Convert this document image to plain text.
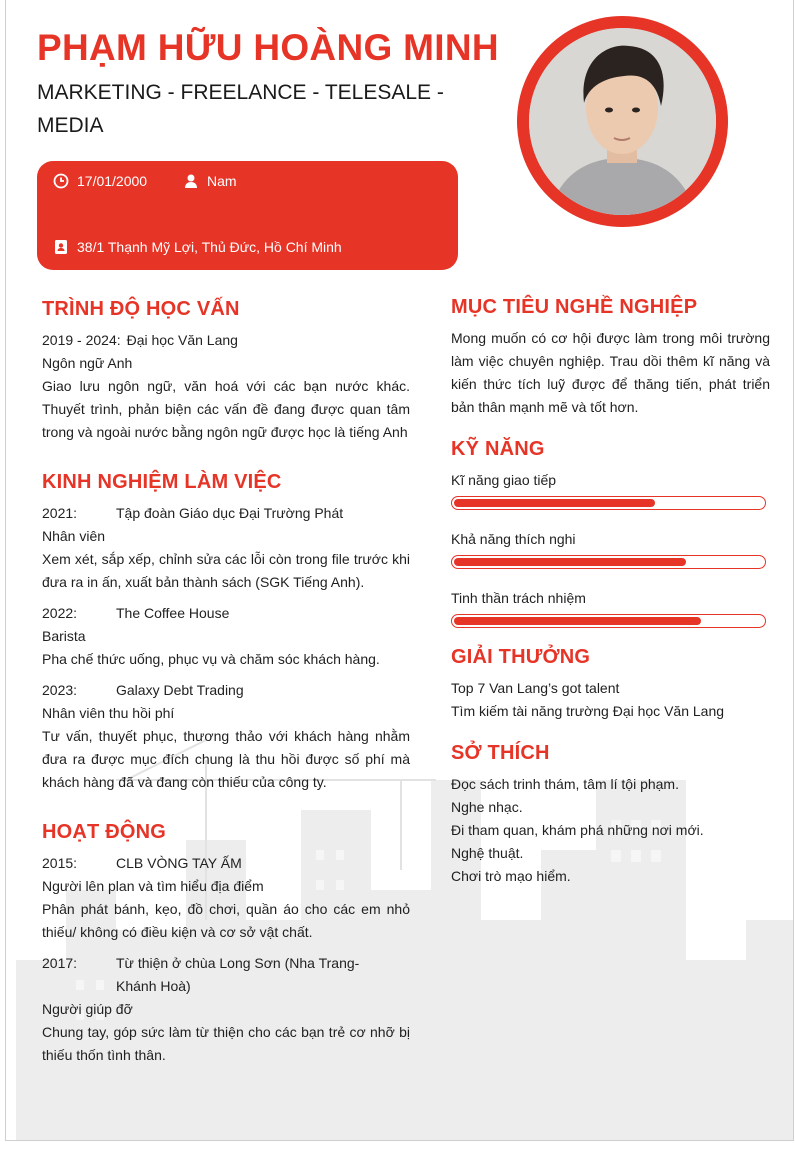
PHẠM HỮU HOÀNG MINH
MARKETING - FREELANCE - TELESALE - MEDIA
17/01/2000	Nam
38/1 Thạnh Mỹ Lợi, Thủ Đức, Hồ Chí Minh
TRÌNH ĐỘ HỌC VẤN
2019 - 2024: Đại học Văn Lang
Ngôn ngữ Anh
Giao lưu ngôn ngữ, văn hoá với các bạn nước khác. Thuyết trình, phản biện các vấn đề đang được quan tâm trong và ngoài nước bằng ngôn ngữ được học là tiếng Anh
KINH NGHIỆM LÀM VIỆC
2021:	Tập đoàn Giáo dục Đại Trường Phát
Nhân viên
Xem xét, sắp xếp, chỉnh sửa các lỗi còn trong file trước khi đưa ra in ấn, xuất bản thành sách (SGK Tiếng Anh).
2022:	The Coffee House
Barista
Pha chế thức uống, phục vụ và chăm sóc khách hàng.
2023:	Galaxy Debt Trading
Nhân viên thu hồi phí
Tư vấn, thuyết phục, thương thảo với khách hàng nhằm đưa ra được mục đích chung là thu hồi được số phí mà khách hàng đã và đang còn thiếu của công ty.
HOẠT ĐỘNG
2015:	CLB VÒNG TAY ẤM
Người lên plan và tìm hiểu địa điểm
Phân phát bánh, kẹo, đồ chơi, quần áo cho các em nhỏ thiếu/ không có điều kiện và cơ sở vật chất.
2017:	Từ thiện ở chùa Long Sơn (Nha Trang- Khánh Hoà)
Người giúp đỡ
Chung tay, góp sức làm từ thiện cho các bạn trẻ cơ nhỡ bị thiếu thốn tình thân.
MỤC TIÊU NGHỀ NGHIỆP
Mong muốn có cơ hội được làm trong môi trường làm việc chuyên nghiệp. Trau dồi thêm kĩ năng và kiến thức tích luỹ được để thăng tiến, phát triển bản thân mạnh mẽ và tốt hơn.
KỸ NĂNG
Kĩ năng giao tiếp
Khả năng thích nghi
Tinh thần trách nhiệm
GIẢI THƯỞNG
Top 7 Van Lang’s got talent
Tìm kiếm tài năng trường Đại học Văn Lang
SỞ THÍCH
Đọc sách trinh thám, tâm lí tội phạm.
Nghe nhạc.
Đi tham quan, khám phá những nơi mới.
Nghệ thuật.
Chơi trò mạo hiểm.
